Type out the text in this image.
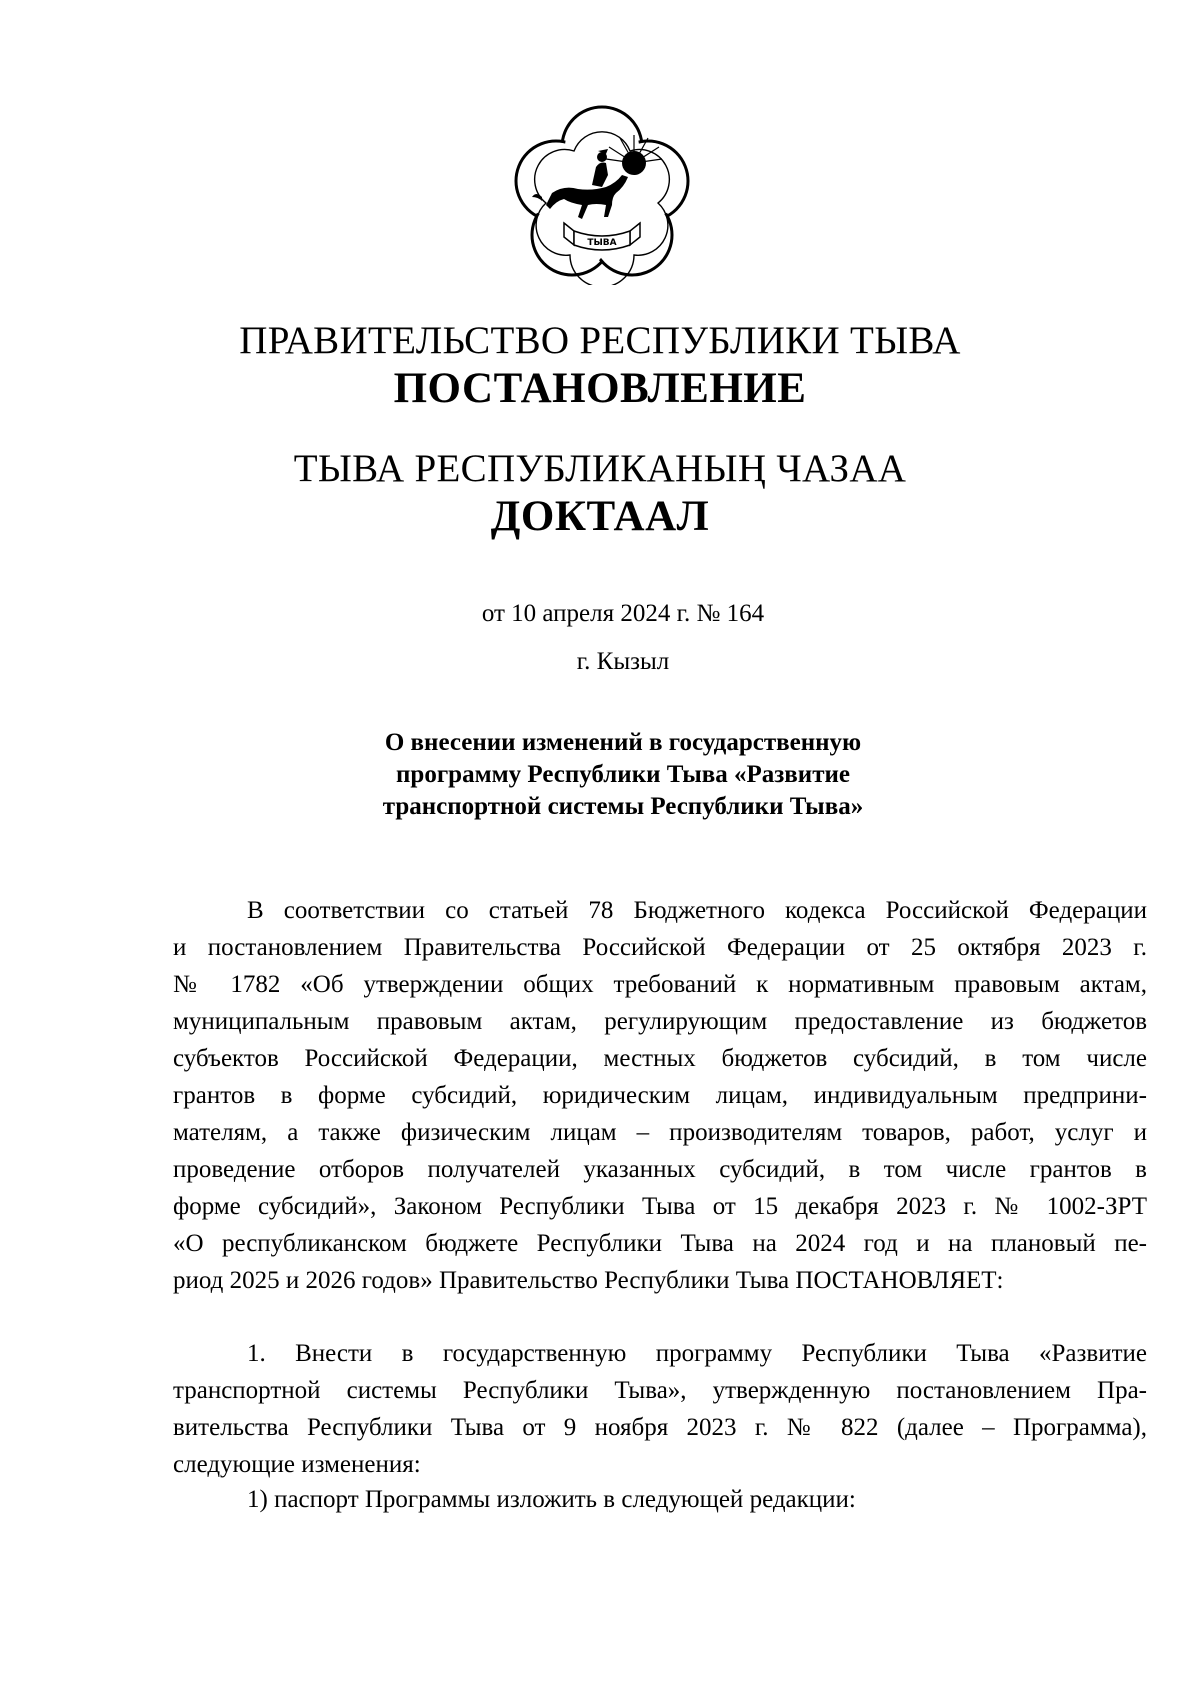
ТЫВА
ПРАВИТЕЛЬСТВО РЕСПУБЛИКИ ТЫВА
ПОСТАНОВЛЕНИЕ
ТЫВА РЕСПУБЛИКАНЫҢ ЧАЗАА
ДОКТААЛ
от 10 апреля 2024 г. № 164
г. Кызыл
О внесении изменений в государственную
программу Республики Тыва «Развитие
транспортной системы Республики Тыва»
В соответствии со статьей 78 Бюджетного кодекса Российской Федерации
и постановлением Правительства Российской Федерации от 25 октября 2023 г.
№ 1782 «Об утверждении общих требований к нормативным правовым актам,
муниципальным правовым актам, регулирующим предоставление из бюджетов
субъектов Российской Федерации, местных бюджетов субсидий, в том числе
грантов в форме субсидий, юридическим лицам, индивидуальным предприни-
мателям, а также физическим лицам – производителям товаров, работ, услуг и
проведение отборов получателей указанных субсидий, в том числе грантов в
форме субсидий», Законом Республики Тыва от 15 декабря 2023 г. № 1002-ЗРТ
«О республиканском бюджете Республики Тыва на 2024 год и на плановый пе-
риод 2025 и 2026 годов» Правительство Республики Тыва ПОСТАНОВЛЯЕТ:
1. Внести в государственную программу Республики Тыва «Развитие
транспортной системы Республики Тыва», утвержденную постановлением Пра-
вительства Республики Тыва от 9 ноября 2023 г. № 822 (далее – Программа),
следующие изменения:
1) паспорт Программы изложить в следующей редакции:
